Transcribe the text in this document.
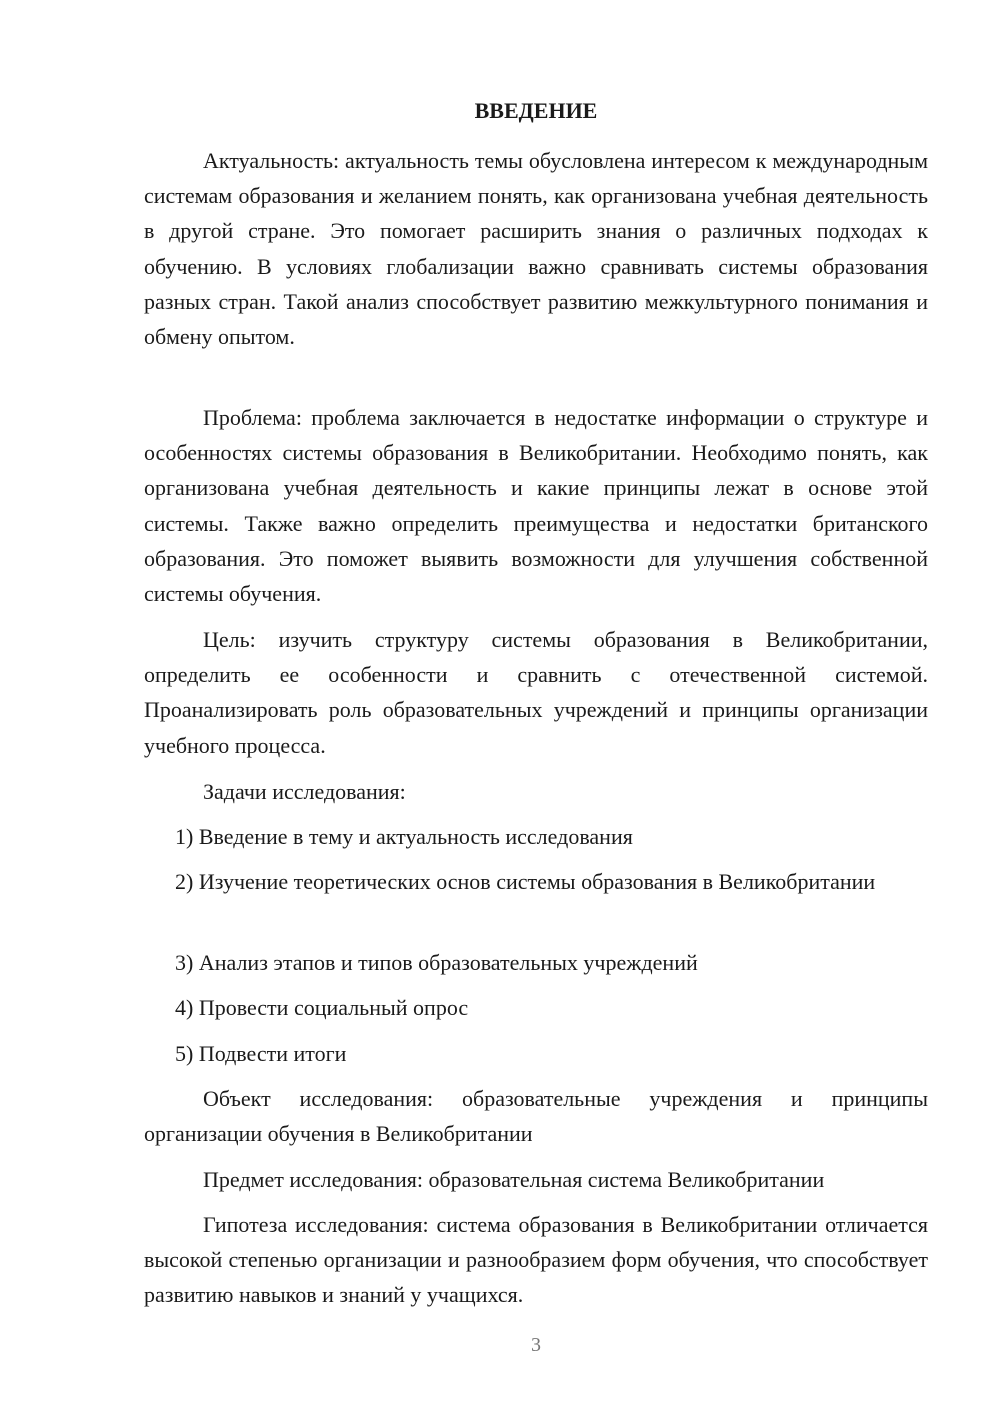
ВВЕДЕНИЕ

Актуальность: актуальность темы обусловлена интересом к международным системам образования и желанием понять, как организована учебная деятельность в другой стране. Это помогает расширить знания о различных подходах к обучению. В условиях глобализации важно сравнивать системы образования разных стран. Такой анализ способствует развитию межкультурного понимания и обмену опытом.

Проблема: проблема заключается в недостатке информации о структуре и особенностях системы образования в Великобритании. Необходимо понять, как организована учебная деятельность и какие принципы лежат в основе этой системы. Также важно определить преимущества и недостатки британского образования. Это поможет выявить возможности для улучшения собственной системы обучения.

Цель: изучить структуру системы образования в Великобритании, определить ее особенности и сравнить с отечественной системой. Проанализировать роль образовательных учреждений и принципы организации учебного процесса.

Задачи исследования:

1) Введение в тему и актуальность исследования

2) Изучение теоретических основ системы образования в Великобритании

3) Анализ этапов и типов образовательных учреждений

4) Провести социальный опрос

5) Подвести итоги

Объект исследования: образовательные учреждения и принципы организации обучения в Великобритании

Предмет исследования: образовательная система Великобритании

Гипотеза исследования: система образования в Великобритании отличается высокой степенью организации и разнообразием форм обучения, что способствует развитию навыков и знаний у учащихся.

3
